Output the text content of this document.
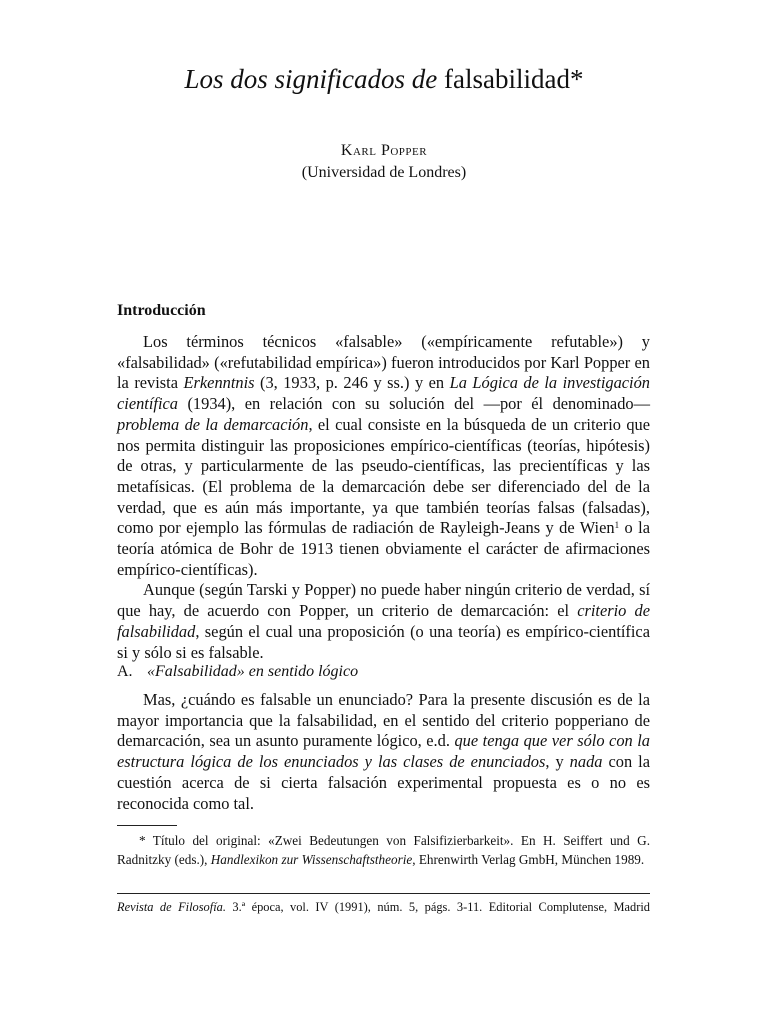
Los dos significados de falsabilidad*
Karl Popper
(Universidad de Londres)
Introducción

Los términos técnicos «falsable» («empíricamente refutable») y «falsabilidad» («refutabilidad empírica») fueron introducidos por Karl Popper en la revista Erkenntnis (3, 1933, p. 246 y ss.) y en La Lógica de la investigación científica (1934), en relación con su solución del —por él denominado— problema de la demarcación, el cual consiste en la búsqueda de un criterio que nos permita distinguir las proposiciones empírico-científicas (teorías, hipótesis) de otras, y particularmente de las pseudo-científicas, las precientíficas y las metafísicas. (El problema de la demarcación debe ser diferenciado del de la verdad, que es aún más importante, ya que también teorías falsas (falsadas), como por ejemplo las fórmulas de radiación de Rayleigh-Jeans y de Wien$^1$ o la teoría atómica de Bohr de 1913 tienen obviamente el carácter de afirmaciones empírico-científicas).

Aunque (según Tarski y Popper) no puede haber ningún criterio de verdad, sí que hay, de acuerdo con Popper, un criterio de demarcación: el criterio de falsabilidad, según el cual una proposición (o una teoría) es empírico-científica si y sólo si es falsable.

A. «Falsabilidad» en sentido lógico

Mas, ¿cuándo es falsable un enunciado? Para la presente discusión es de la mayor importancia que la falsabilidad, en el sentido del criterio popperiano de demarcación, sea un asunto puramente lógico, e.d. que tenga que ver sólo con la estructura lógica de los enunciados y las clases de enunciados, y nada con la cuestión acerca de si cierta falsación experimental propuesta es o no es reconocida como tal.

* Título del original: «Zwei Bedeutungen von Falsifizierbarkeit». En H. Seiffert und G. Radnitzky (eds.), Handlexikon zur Wissenschaftstheorie, Ehrenwirth Verlag GmbH, München 1989.

Revista de Filosofía. 3.ª época, vol. IV (1991), núm. 5, págs. 3-11. Editorial Complutense, Madrid
